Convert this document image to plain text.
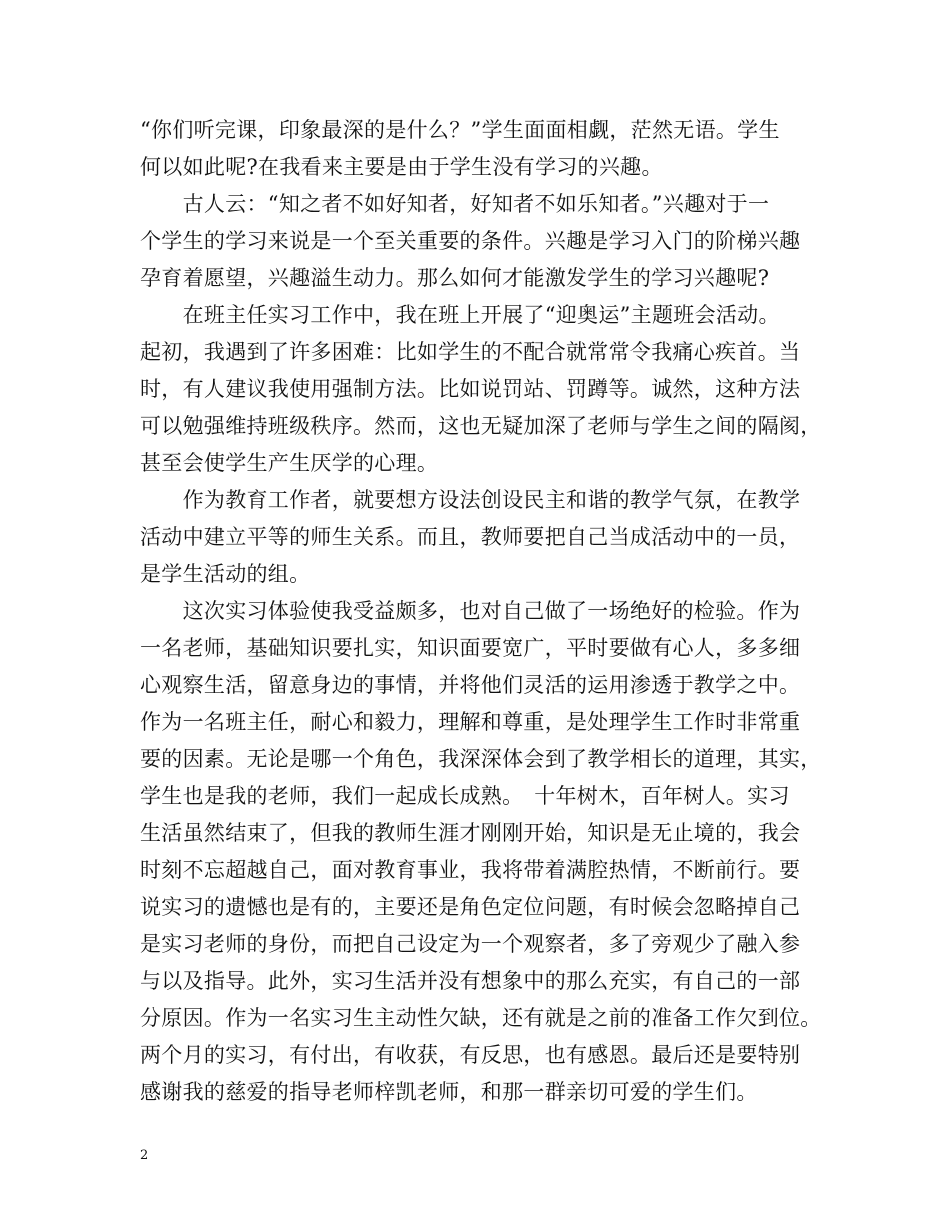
“你们听完课，印象最深的是什么？”学生面面相觑，茫然无语。学生
何以如此呢?在我看来主要是由于学生没有学习的兴趣。
　　古人云：“知之者不如好知者，好知者不如乐知者。”兴趣对于一
个学生的学习来说是一个至关重要的条件。兴趣是学习入门的阶梯兴趣
孕育着愿望，兴趣溢生动力。那么如何才能激发学生的学习兴趣呢?
　　在班主任实习工作中，我在班上开展了“迎奥运”主题班会活动。
起初，我遇到了许多困难：比如学生的不配合就常常令我痛心疾首。当
时，有人建议我使用强制方法。比如说罚站、罚蹲等。诚然，这种方法
可以勉强维持班级秩序。然而，这也无疑加深了老师与学生之间的隔阂，
甚至会使学生产生厌学的心理。
　　作为教育工作者，就要想方设法创设民主和谐的教学气氛，在教学
活动中建立平等的师生关系。而且，教师要把自己当成活动中的一员，
是学生活动的组。
　　这次实习体验使我受益颇多，也对自己做了一场绝好的检验。作为
一名老师，基础知识要扎实，知识面要宽广，平时要做有心人，多多细
心观察生活，留意身边的事情，并将他们灵活的运用渗透于教学之中。
作为一名班主任，耐心和毅力，理解和尊重，是处理学生工作时非常重
要的因素。无论是哪一个角色，我深深体会到了教学相长的道理，其实，
学生也是我的老师，我们一起成长成熟。　十年树木，百年树人。实习
生活虽然结束了，但我的教师生涯才刚刚开始，知识是无止境的，我会
时刻不忘超越自己，面对教育事业，我将带着满腔热情，不断前行。要
说实习的遗憾也是有的，主要还是角色定位问题，有时候会忽略掉自己
是实习老师的身份，而把自己设定为一个观察者，多了旁观少了融入参
与以及指导。此外，实习生活并没有想象中的那么充实，有自己的一部
分原因。作为一名实习生主动性欠缺，还有就是之前的准备工作欠到位。
两个月的实习，有付出，有收获，有反思，也有感恩。最后还是要特别
感谢我的慈爱的指导老师梓凯老师，和那一群亲切可爱的学生们。
2
